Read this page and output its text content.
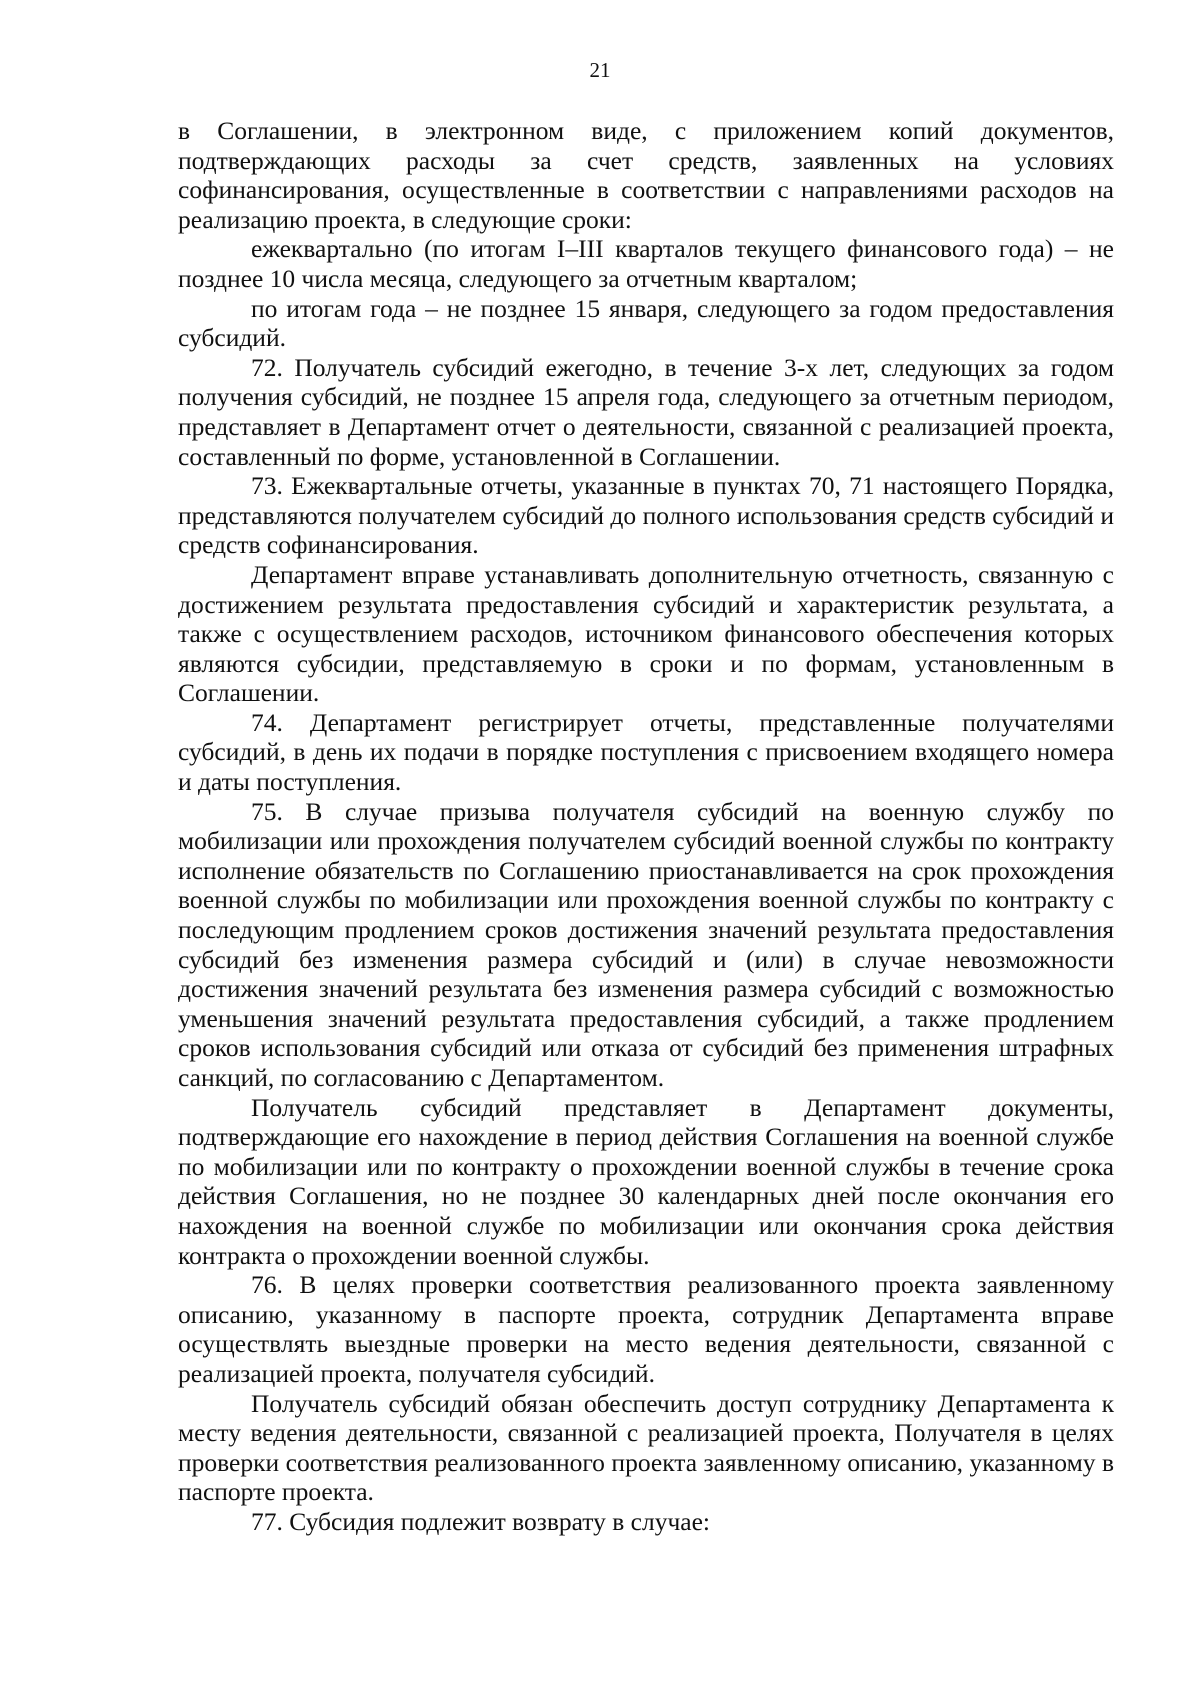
21

в Соглашении, в электронном виде, с приложением копий документов, подтверждающих расходы за счет средств, заявленных на условиях софинансирования, осуществленные в соответствии с направлениями расходов на реализацию проекта, в следующие сроки:

ежеквартально (по итогам I–III кварталов текущего финансового года) – не позднее 10 числа месяца, следующего за отчетным кварталом;

по итогам года – не позднее 15 января, следующего за годом предоставления субсидий.

72. Получатель субсидий ежегодно, в течение 3-х лет, следующих за годом получения субсидий, не позднее 15 апреля года, следующего за отчетным периодом, представляет в Департамент отчет о деятельности, связанной с реализацией проекта, составленный по форме, установленной в Соглашении.

73. Ежеквартальные отчеты, указанные в пунктах 70, 71 настоящего Порядка, представляются получателем субсидий до полного использования средств субсидий и средств софинансирования.

Департамент вправе устанавливать дополнительную отчетность, связанную с достижением результата предоставления субсидий и характеристик результата, а также с осуществлением расходов, источником финансового обеспечения которых являются субсидии, представляемую в сроки и по формам, установленным в Соглашении.

74. Департамент регистрирует отчеты, представленные получателями субсидий, в день их подачи в порядке поступления с присвоением входящего номера и даты поступления.

75. В случае призыва получателя субсидий на военную службу по мобилизации или прохождения получателем субсидий военной службы по контракту исполнение обязательств по Соглашению приостанавливается на срок прохождения военной службы по мобилизации или прохождения военной службы по контракту с последующим продлением сроков достижения значений результата предоставления субсидий без изменения размера субсидий и (или) в случае невозможности достижения значений результата без изменения размера субсидий с возможностью уменьшения значений результата предоставления субсидий, а также продлением сроков использования субсидий или отказа от субсидий без применения штрафных санкций, по согласованию с Департаментом.

Получатель субсидий представляет в Департамент документы, подтверждающие его нахождение в период действия Соглашения на военной службе по мобилизации или по контракту о прохождении военной службы в течение срока действия Соглашения, но не позднее 30 календарных дней после окончания его нахождения на военной службе по мобилизации или окончания срока действия контракта о прохождении военной службы.

76. В целях проверки соответствия реализованного проекта заявленному описанию, указанному в паспорте проекта, сотрудник Департамента вправе осуществлять выездные проверки на место ведения деятельности, связанной с реализацией проекта, получателя субсидий.

Получатель субсидий обязан обеспечить доступ сотруднику Департамента к месту ведения деятельности, связанной с реализацией проекта, Получателя в целях проверки соответствия реализованного проекта заявленному описанию, указанному в паспорте проекта.

77. Субсидия подлежит возврату в случае:
